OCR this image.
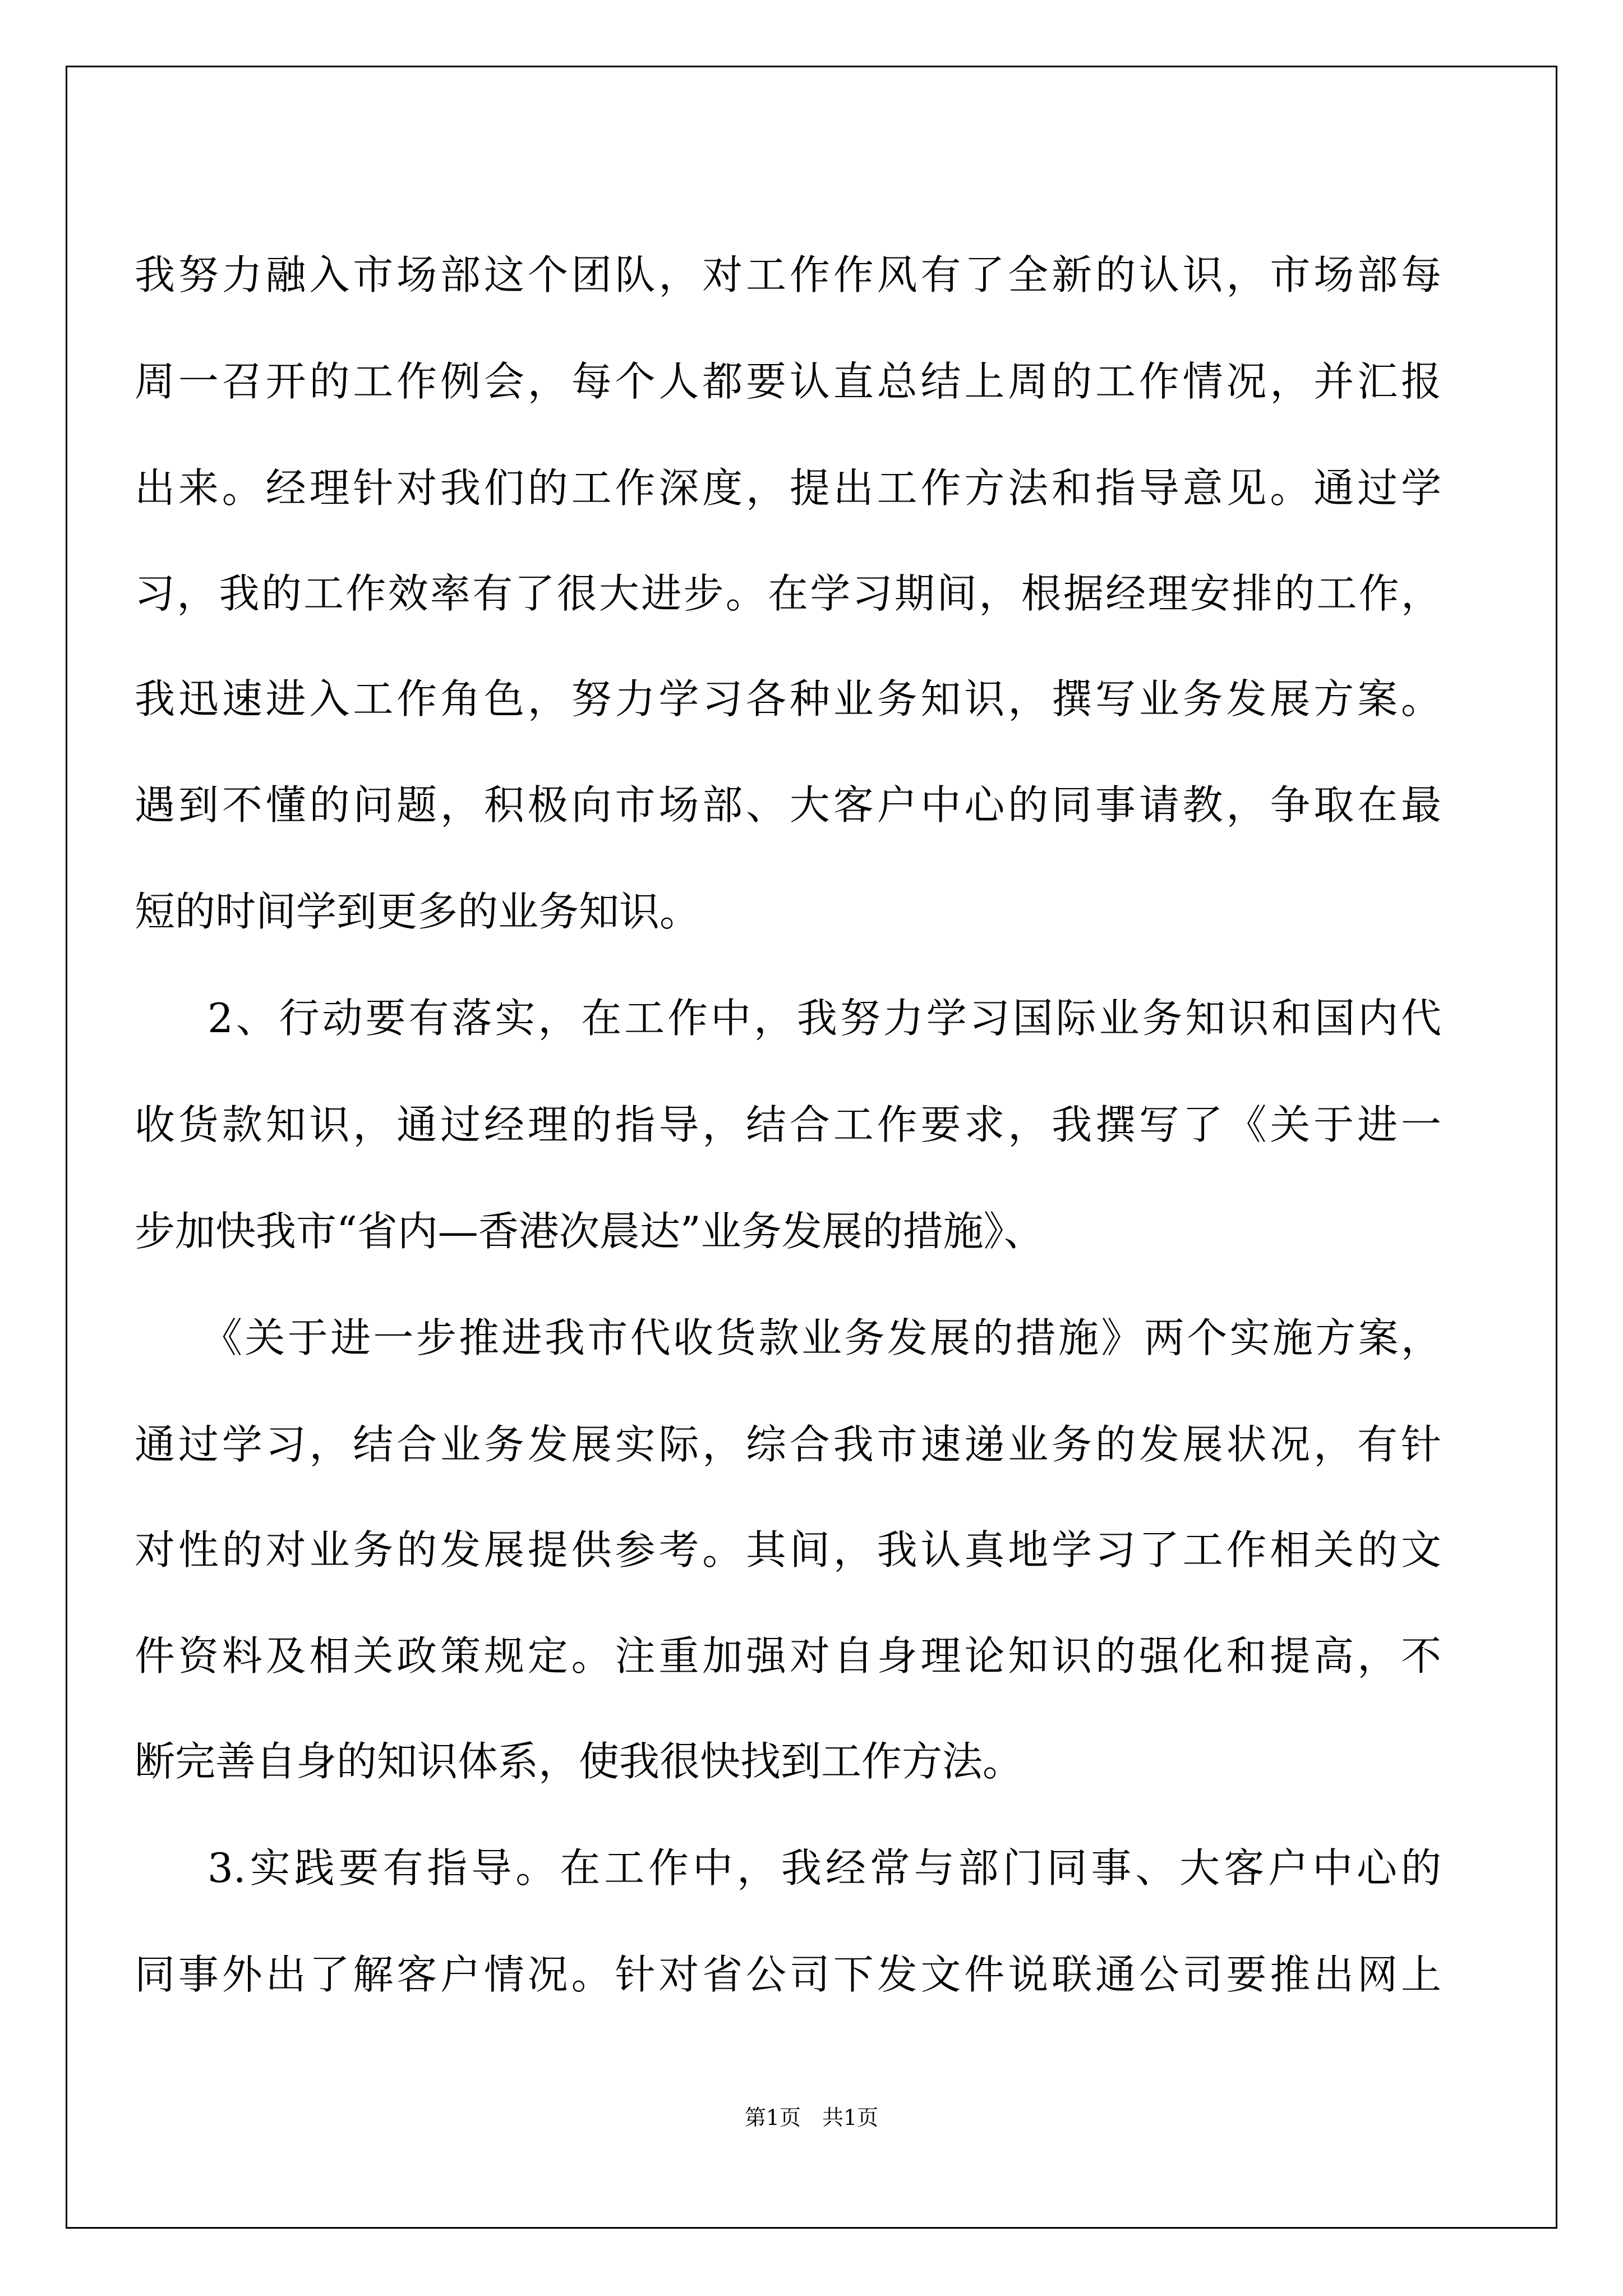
我努力融入市场部这个团队，对工作作风有了全新的认识，市场部每
周一召开的工作例会，每个人都要认直总结上周的工作情况，并汇报
出来。经理针对我们的工作深度，提出工作方法和指导意见。通过学
习，我的工作效率有了很大进步。在学习期间，根据经理安排的工作，
我迅速进入工作角色，努力学习各种业务知识，撰写业务发展方案。
遇到不懂的问题，积极向市场部、大客户中心的同事请教，争取在最
短的时间学到更多的业务知识。
2、行动要有落实，在工作中，我努力学习国际业务知识和国内代
收货款知识，通过经理的指导，结合工作要求，我撰写了《关于进一
步加快我市“省内—香港次晨达”业务发展的措施》、
《关于进一步推进我市代收货款业务发展的措施》两个实施方案，
通过学习，结合业务发展实际，综合我市速递业务的发展状况，有针
对性的对业务的发展提供参考。其间，我认真地学习了工作相关的文
件资料及相关政策规定。注重加强对自身理论知识的强化和提高，不
断完善自身的知识体系，使我很快找到工作方法。
3.实践要有指导。在工作中，我经常与部门同事、大客户中心的
同事外出了解客户情况。针对省公司下发文件说联通公司要推出网上
第1页　共1页
